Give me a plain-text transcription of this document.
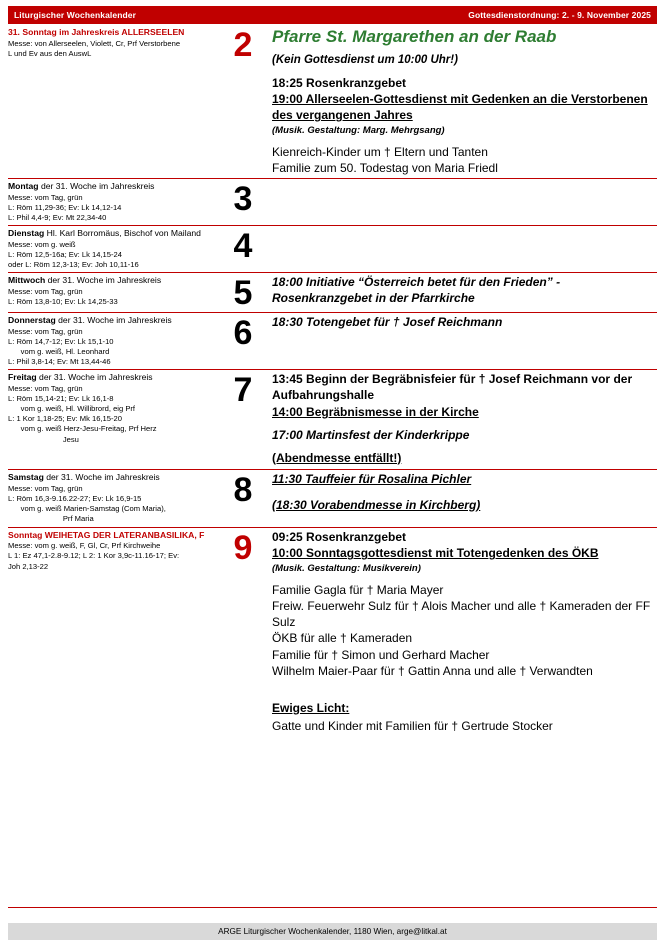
Liturgischer Wochenkalender	Gottesdienstordnung: 2. - 9. November 2025
31. Sonntag im Jahreskreis ALLERSEELEN
Messe: von Allerseelen, Violett, Cr, Prf Verstorbene
L und Ev aus den AuswL	2	Pfarre St. Margarethen an der Raab
(Kein Gottesdienst um 10:00 Uhr!)
18:25 Rosenkranzgebet
19:00 Allerseelen-Gottesdienst mit Gedenken an die Verstorbenen des vergangenen Jahres
(Musik. Gestaltung: Marg. Mehrgsang)
Kienreich-Kinder um † Eltern und Tanten
Familie zum 50. Todestag von Maria Friedl
Montag der 31. Woche im Jahreskreis
Messe: vom Tag, grün
L: Röm 11,29-36; Ev: Lk 14,12-14
L: Phil 4,4-9; Ev: Mt 22,34-40	3
Dienstag Hl. Karl Borromäus, Bischof von Mailand
Messe: vom g. weiß
L: Röm 12,5-16a; Ev: Lk 14,15-24
oder L: Röm 12,3-13; Ev: Joh 10,11-16	4
Mittwoch der 31. Woche im Jahreskreis
Messe: vom Tag, grün
L: Röm 13,8-10; Ev: Lk 14,25-33	5	18:00 Initiative “Österreich betet für den Frieden” - Rosenkranzgebet in der Pfarrkirche
Donnerstag der 31. Woche im Jahreskreis
Messe: vom Tag, grün
L: Röm 14,7-12; Ev: Lk 15,1-10
vom g. weiß, Hl. Leonhard
L: Phil 3,8-14; Ev: Mt 13,44-46
6	18:30 Totengebet für † Josef Reichmann
Freitag der 31. Woche im Jahreskreis
Messe: vom Tag, grün
L: Röm 15,14-21; Ev: Lk 16,1-8
vom g. weiß, Hl. Willibrord, eig Prf
L: 1 Kor 1,18-25; Ev: Mk 16,15-20
vom g. weiß Herz-Jesu-Freitag, Prf Herz
Jesu
7	13:45 Beginn der Begräbnisfeier für † Josef Reichmann vor der Aufbahrungshalle
14:00 Begräbnismesse in der Kirche
17:00 Martinsfest der Kinderkrippe
(Abendmesse entfällt!)
Samstag der 31. Woche im Jahreskreis
Messe: vom Tag, grün
L: Röm 16,3-9.16.22-27; Ev: Lk 16,9-15
vom g. weiß Marien-Samstag (Com Maria),
Prf Maria
8	11:30 Tauffeier für Rosalina Pichler
(18:30 Vorabendmesse in Kirchberg)
Sonntag WEIHETAG DER LATERANBASILIKA, F
Messe: vom g. weiß, F, Gl, Cr, Prf Kirchweihe
L 1: Ez 47,1-2.8-9.12; L 2: 1 Kor 3,9c-11.16-17; Ev:
Joh 2,13-22	9	09:25 Rosenkranzgebet
10:00 Sonntagsgottesdienst mit Totengedenken des ÖKB
(Musik. Gestaltung: Musikverein)
Familie Gagla für † Maria Mayer
Freiw. Feuerwehr Sulz für † Alois Macher und alle † Kameraden der FF Sulz
ÖKB für alle † Kameraden
Familie für † Simon und Gerhard Macher
Wilhelm Maier-Paar für † Gattin Anna und alle † Verwandten
Ewiges Licht:
Gatte und Kinder mit Familien für † Gertrude Stocker
ARGE Liturgischer Wochenkalender, 1180 Wien, arge@litkal.at
